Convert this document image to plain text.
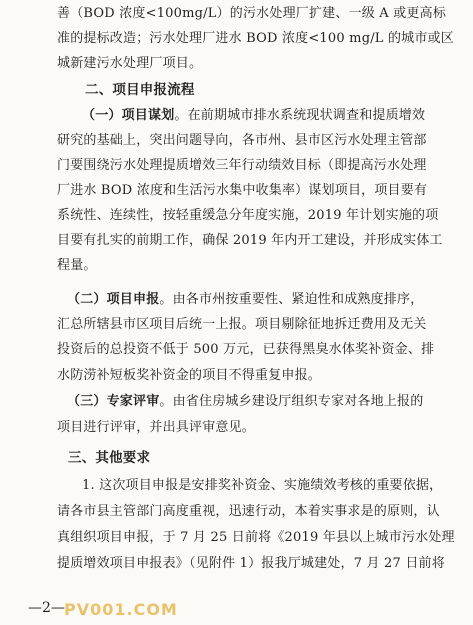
善（BOD 浓度<100mg/L）的污水处理厂扩建、一级 A 或更高标
准的提标改造；污水处理厂进水 BOD 浓度<100 mg/L 的城市或区
城新建污水处理厂项目。
二、项目申报流程
（一）项目谋划。在前期城市排水系统现状调查和提质增效
研究的基础上，突出问题导向，各市州、县市区污水处理主管部
门要围绕污水处理提质增效三年行动绩效目标（即提高污水处理
厂进水 BOD 浓度和生活污水集中收集率）谋划项目，项目要有
系统性、连续性，按轻重缓急分年度实施，2019 年计划实施的项
目要有扎实的前期工作，确保 2019 年内开工建设，并形成实体工
程量。
（二）项目申报。由各市州按重要性、紧迫性和成熟度排序，
汇总所辖县市区项目后统一上报。项目剔除征地拆迁费用及无关
投资后的总投资不低于 500 万元，已获得黑臭水体奖补资金、排
水防涝补短板奖补资金的项目不得重复申报。
（三）专家评审。由省住房城乡建设厅组织专家对各地上报的
项目进行评审，并出具评审意见。
三、其他要求
1. 这次项目申报是安排奖补资金、实施绩效考核的重要依据，
请各市县主管部门高度重视，迅速行动，本着实事求是的原则，认
真组织项目申报，于 7 月 25 日前将《2019 年县以上城市污水处理
提质增效项目申报表》（见附件 1）报我厅城建处，7 月 27 日前将
—2— PV001.COM
